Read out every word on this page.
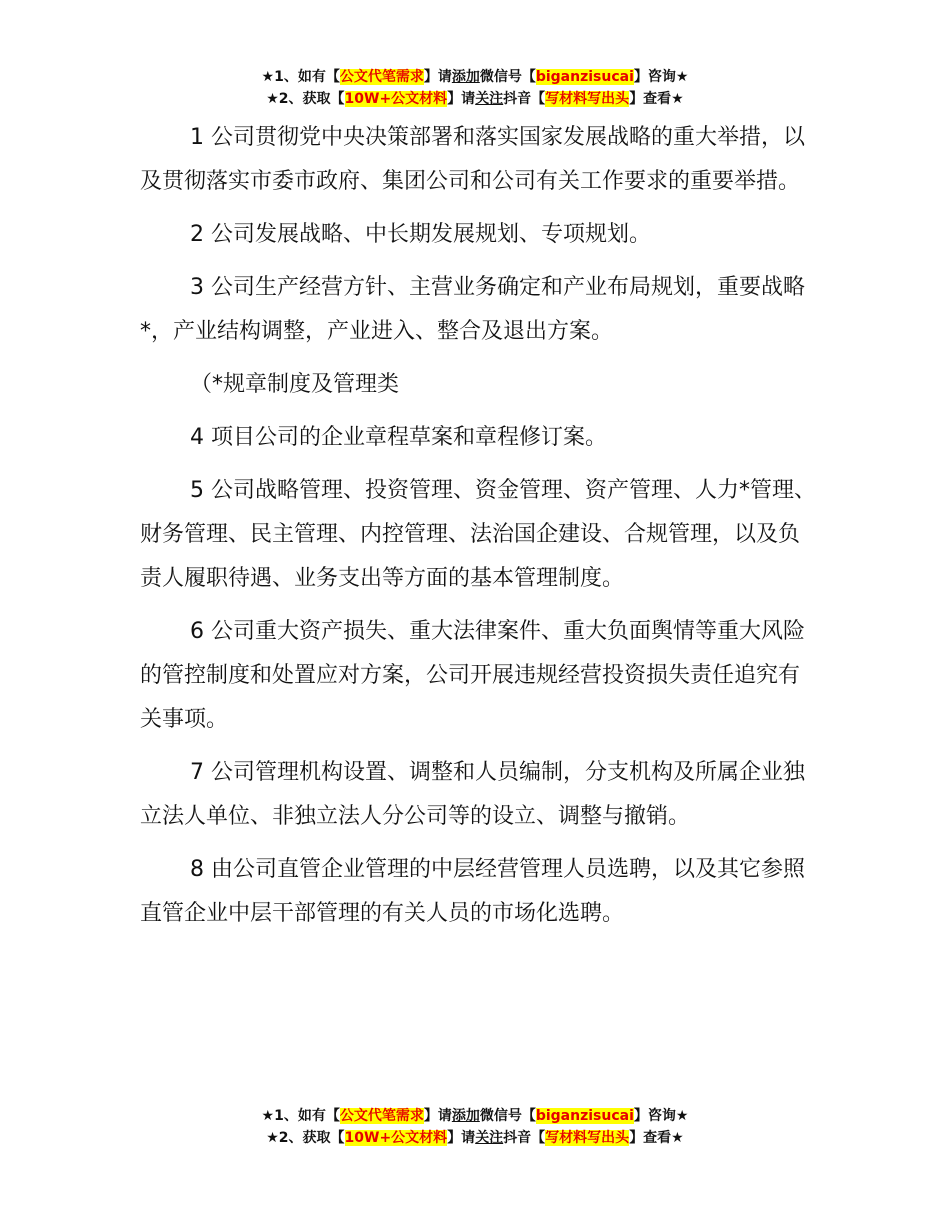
★1、如有【公文代笔需求】请添加微信号【biganzisucai】咨询★
★2、获取【10W+公文材料】请关注抖音【写材料写出头】查看★

1 公司贯彻党中央决策部署和落实国家发展战略的重大举措，以及贯彻落实市委市政府、集团公司和公司有关工作要求的重要举措。

2 公司发展战略、中长期发展规划、专项规划。

3 公司生产经营方针、主营业务确定和产业布局规划，重要战略*，产业结构调整，产业进入、整合及退出方案。

（*规章制度及管理类

4 项目公司的企业章程草案和章程修订案。

5 公司战略管理、投资管理、资金管理、资产管理、人力*管理、财务管理、民主管理、内控管理、法治国企建设、合规管理，以及负责人履职待遇、业务支出等方面的基本管理制度。

6 公司重大资产损失、重大法律案件、重大负面舆情等重大风险的管控制度和处置应对方案，公司开展违规经营投资损失责任追究有关事项。

7 公司管理机构设置、调整和人员编制，分支机构及所属企业独立法人单位、非独立法人分公司等的设立、调整与撤销。

8 由公司直管企业管理的中层经营管理人员选聘，以及其它参照直管企业中层干部管理的有关人员的市场化选聘。

★1、如有【公文代笔需求】请添加微信号【biganzisucai】咨询★
★2、获取【10W+公文材料】请关注抖音【写材料写出头】查看★
